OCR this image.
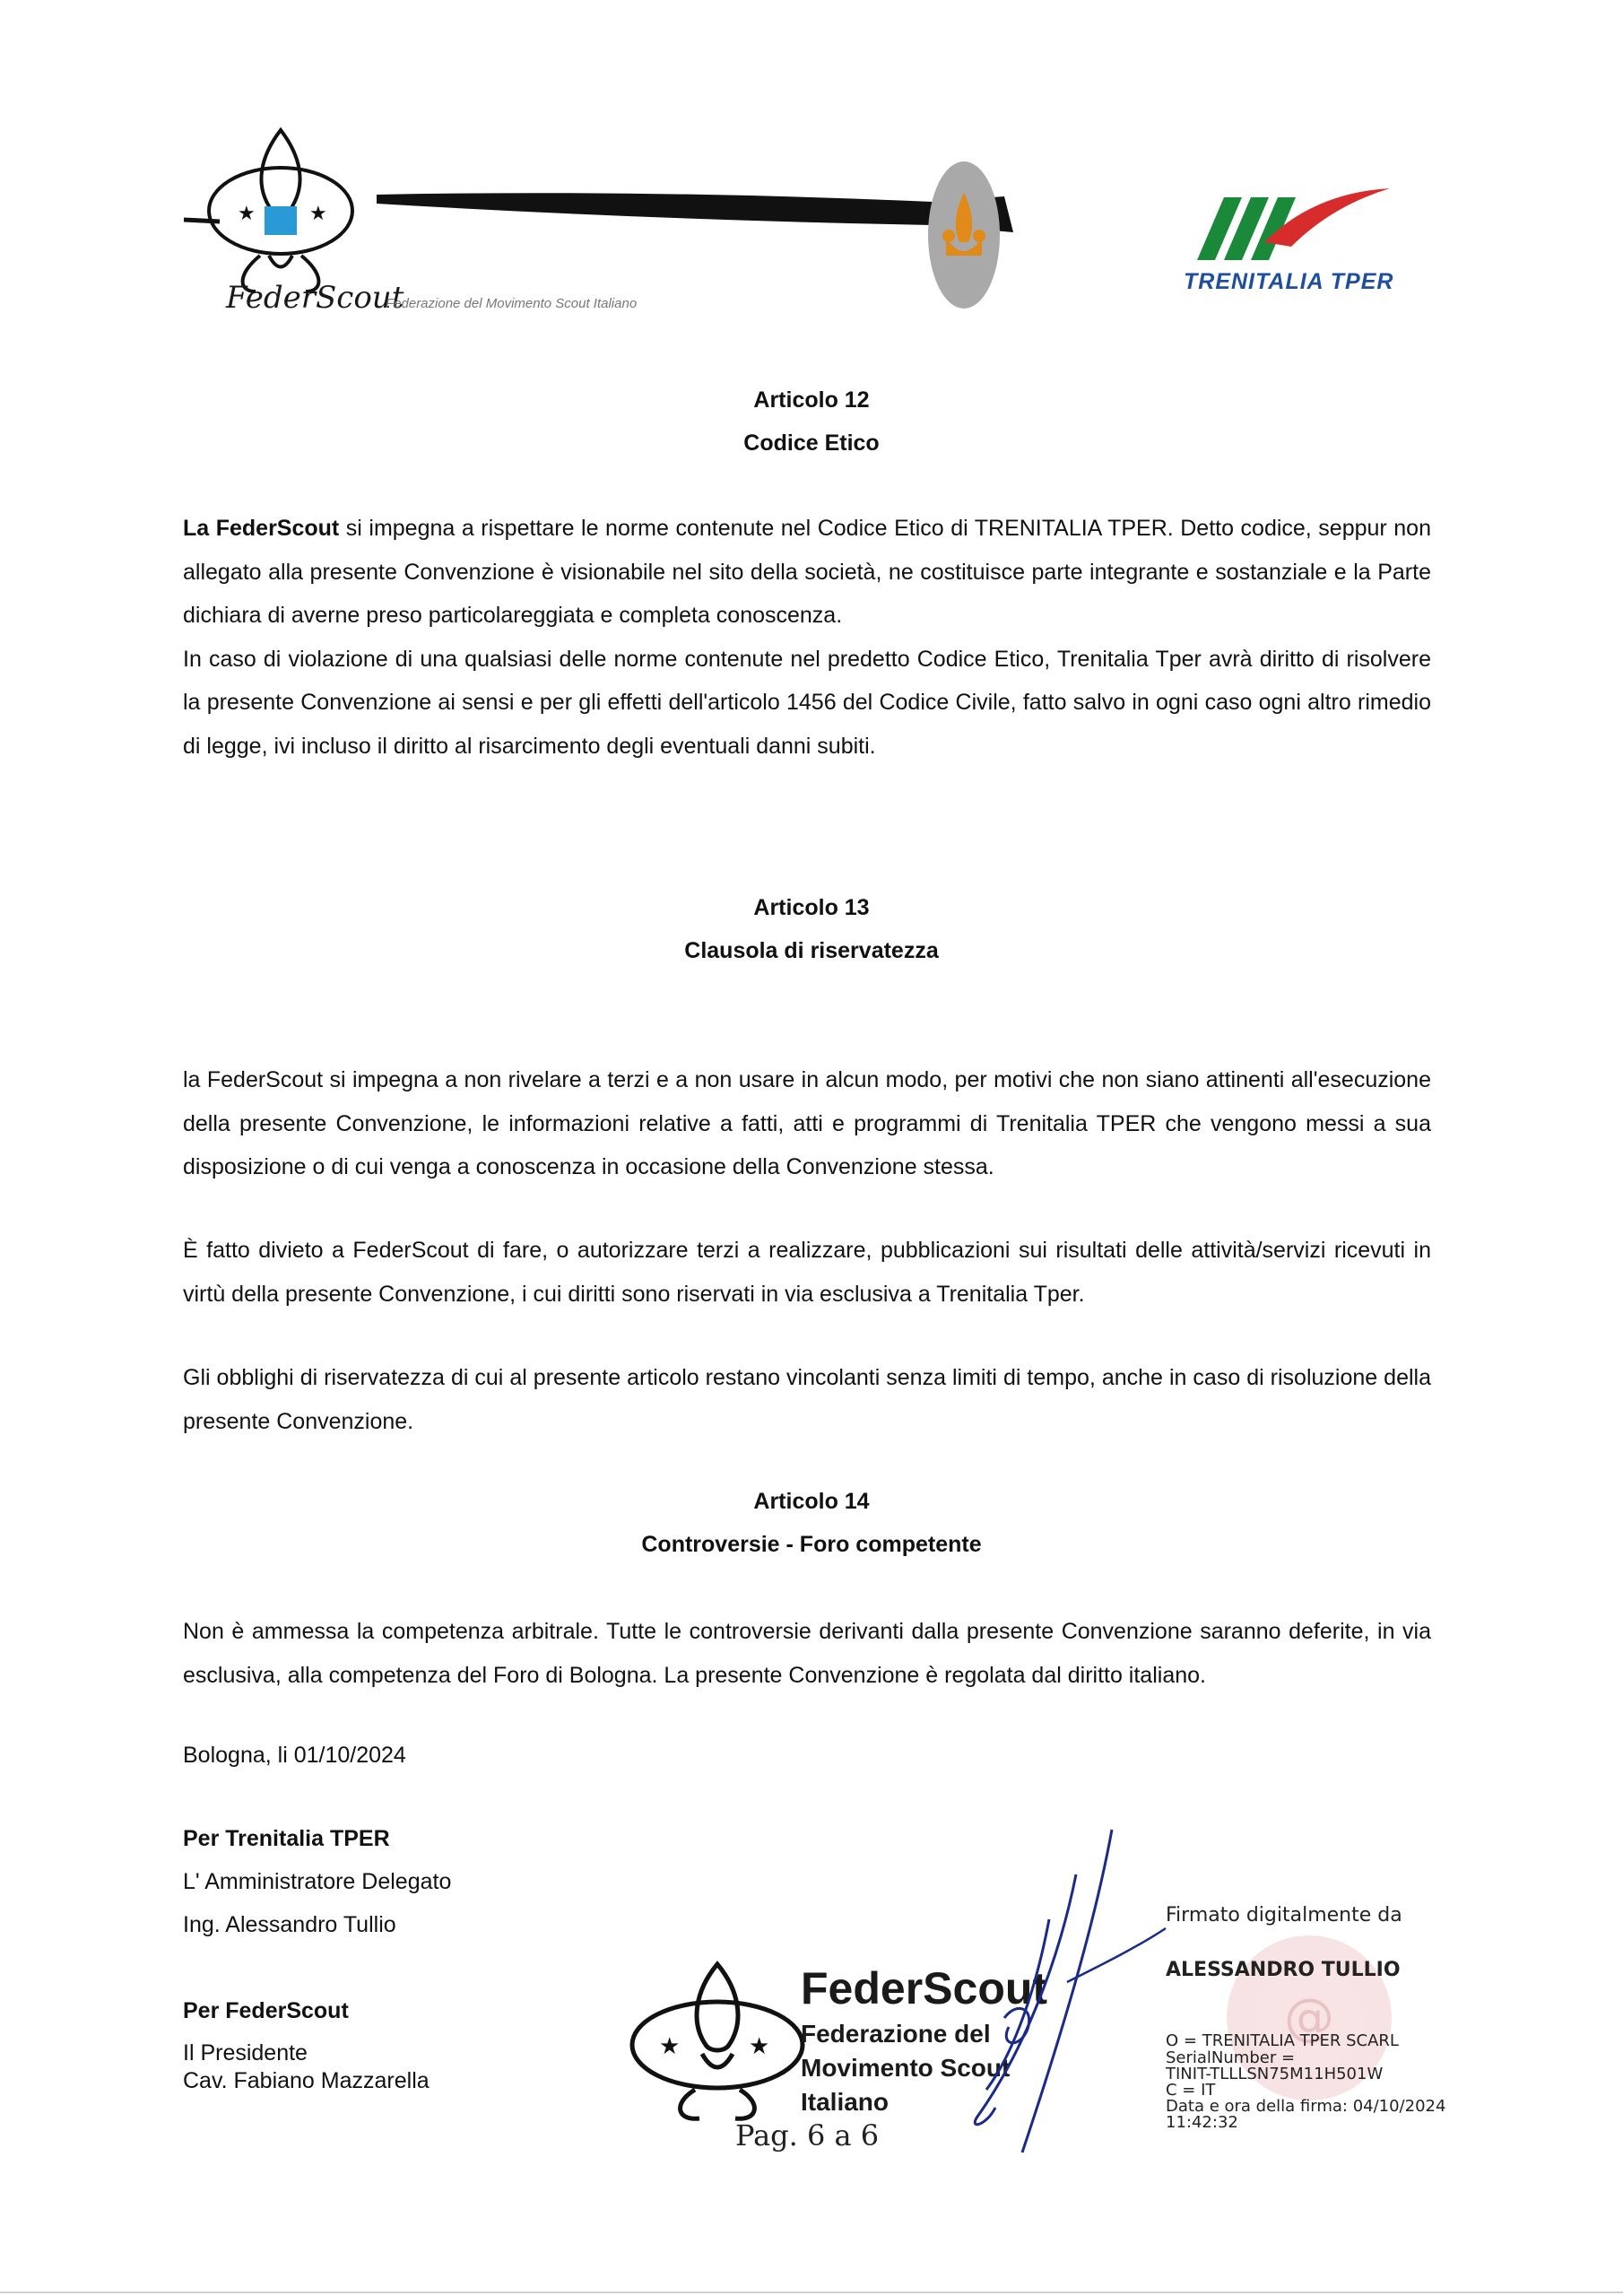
★	★
FederScout
Federazione del Movimento Scout Italiano
TRENITALIA TPER
Articolo 12
Codice Etico

La FederScout si impegna a rispettare le norme contenute nel Codice Etico di TRENITALIA TPER. Detto codice, seppur non allegato alla presente Convenzione è visionabile nel sito della società, ne costituisce parte integrante e sostanziale e la Parte dichiara di averne preso particolareggiata e completa conoscenza.

In caso di violazione di una qualsiasi delle norme contenute nel predetto Codice Etico, Trenitalia Tper avrà diritto di risolvere la presente Convenzione ai sensi e per gli effetti dell'articolo 1456 del Codice Civile, fatto salvo in ogni caso ogni altro rimedio di legge, ivi incluso il diritto al risarcimento degli eventuali danni subiti.

Articolo 13
Clausola di riservatezza
la FederScout si impegna a non rivelare a terzi e a non usare in alcun modo, per motivi che non siano attinenti all'esecuzione della presente Convenzione, le informazioni relative a fatti, atti e programmi di Trenitalia TPER che vengono messi a sua disposizione o di cui venga a conoscenza in occasione della Convenzione stessa.
È fatto divieto a FederScout di fare, o autorizzare terzi a realizzare, pubblicazioni sui risultati delle attività/servizi ricevuti in virtù della presente Convenzione, i cui diritti sono riservati in via esclusiva a Trenitalia Tper.
Gli obblighi di riservatezza di cui al presente articolo restano vincolanti senza limiti di tempo, anche in caso di risoluzione della presente Convenzione.
Articolo 14
Controversie - Foro competente
Non è ammessa la competenza arbitrale. Tutte le controversie derivanti dalla presente Convenzione saranno deferite, in via esclusiva, alla competenza del Foro di Bologna. La presente Convenzione è regolata dal diritto italiano.
Bologna, li 01/10/2024
Per Trenitalia TPER
L' Amministratore Delegato
Ing. Alessandro Tullio
Per FederScout
Il Presidente
Cav. Fabiano Mazzarella
★	★
FederScout
Federazione del
Movimento Scout
Italiano
Pag. 6 a 6
@
Firmato digitalmente da
ALESSANDRO TULLIO
O = TRENITALIA TPER SCARL
SerialNumber =
TINIT-TLLLSN75M11H501W
C = IT
Data e ora della firma: 04/10/2024
11:42:32
